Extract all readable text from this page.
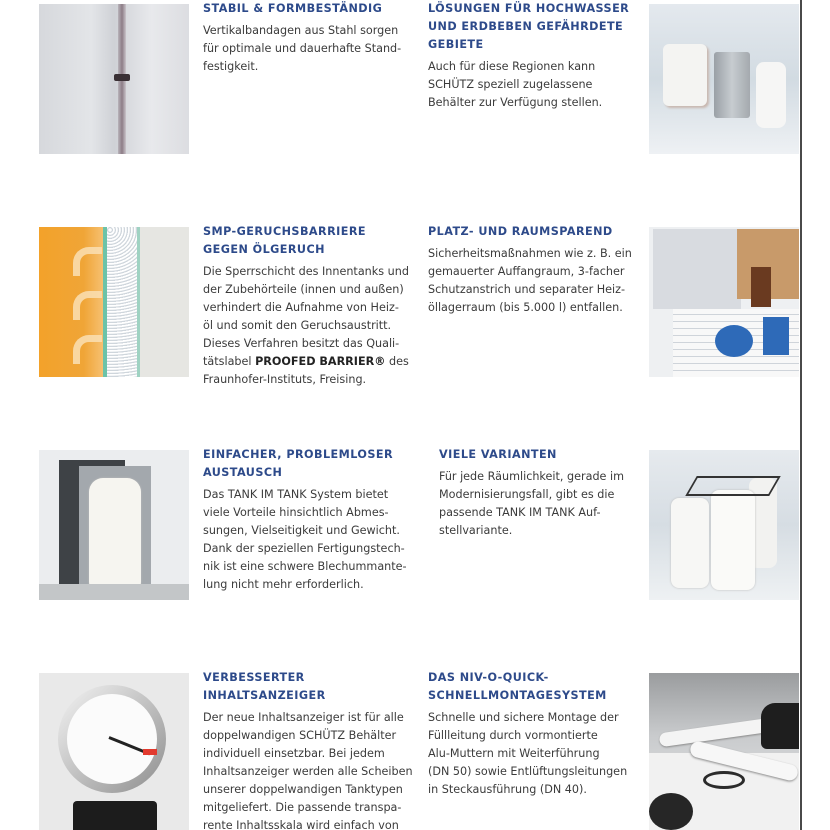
STABIL & FORMBESTÄNDIG
Vertikalbandagen aus Stahl sorgen
für optimale und dauerhafte Stand-
festigkeit.
LÖSUNGEN FÜR HOCHWASSER
UND ERDBEBEN GEFÄHRDETE
GEBIETE
Auch für diese Regionen kann
SCHÜTZ speziell zugelassene
Behälter zur Verfügung stellen.
SMP-GERUCHSBARRIERE
GEGEN ÖLGERUCH
Die Sperrschicht des Innentanks und
der Zubehörteile (innen und außen)
verhindert die Aufnahme von Heiz-
öl und somit den Geruchsaustritt.
Dieses Verfahren besitzt das Quali-
tätslabel PROOFED BARRIER® des
Fraunhofer-Instituts, Freising.
PLATZ- UND RAUMSPAREND
Sicherheitsmaßnahmen wie z. B. ein
gemauerter Auffangraum, 3-facher
Schutzanstrich und separater Heiz-
öllagerraum (bis 5.000 l) entfallen.
EINFACHER, PROBLEMLOSER
AUSTAUSCH
Das TANK IM TANK System bietet
viele Vorteile hinsichtlich Abmes-
sungen, Vielseitigkeit und Gewicht.
Dank der speziellen Fertigungstech-
nik ist eine schwere Blechummante-
lung nicht mehr erforderlich.
VIELE VARIANTEN
Für jede Räumlichkeit, gerade im
Modernisierungsfall, gibt es die
passende TANK IM TANK Auf-
stellvariante.
VERBESSERTER
INHALTSANZEIGER
Der neue Inhaltsanzeiger ist für alle
doppelwandigen SCHÜTZ Behälter
individuell einsetzbar. Bei jedem
Inhaltsanzeiger werden alle Scheiben
unserer doppelwandigen Tanktypen
mitgeliefert. Die passende transpa-
rente Inhaltsskala wird einfach von
DAS NIV-O-QUICK-
SCHNELLMONTAGESYSTEM
Schnelle und sichere Montage der
Füllleitung durch vormontierte
Alu-Muttern mit Weiterführung
(DN 50) sowie Entlüftungsleitungen
in Steckausführung (DN 40).
